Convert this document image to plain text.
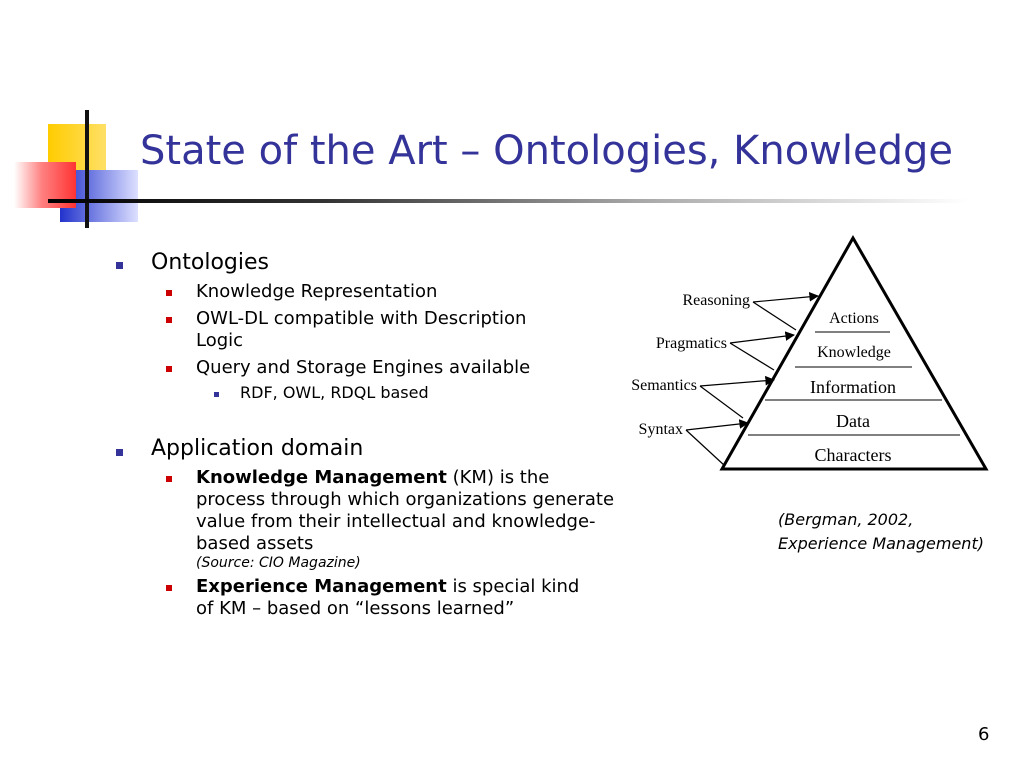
State of the Art – Ontologies, Knowledge
Ontologies
Knowledge Representation
OWL-DL compatible with Description Logic
Query and Storage Engines available
RDF, OWL, RDQL based
Application domain
Knowledge Management (KM) is the process through which organizations generate value from their intellectual and knowledge-based assets
(Source: CIO Magazine)
Experience Management is special kind of KM – based on “lessons learned”
Actions
Knowledge
Information
Data
Characters
Reasoning
Pragmatics
Semantics
Syntax
(Bergman, 2002,
Experience Management)
6
